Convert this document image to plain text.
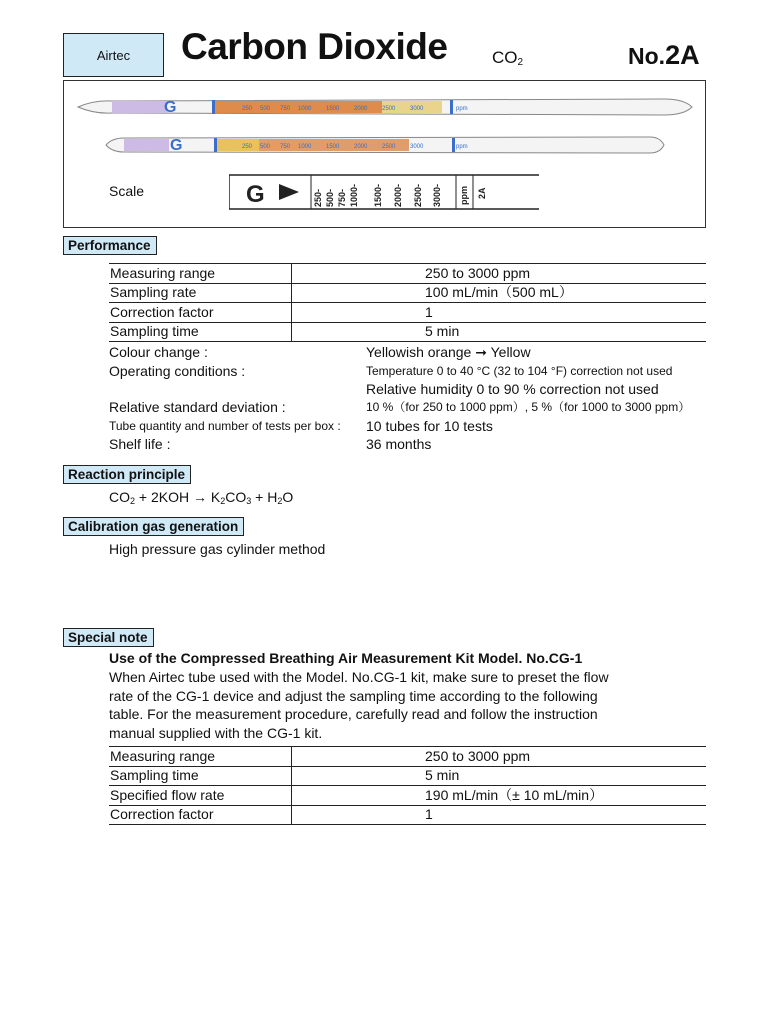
Airtec Carbon Dioxide	$CO_2$	No.2A
G	250 500 750 1000 1500 2000 2500 3000	ppm
G	250 500 750 1000 1500 2000 2500 3000	ppm
Scale	G	250- 500- 750- 1000- 1500- 2000- 2500- 3000- ppm 2A
Performance
Measuring range	250 to 3000 ppm
Sampling rate	100 mL/min（500 mL）
Correction factor	1
Sampling time	5 min
Colour change :	Yellowish orange ➞ Yellow
Operating conditions :	Temperature 0 to 40 °C (32 to 104 °F) correction not used
Relative humidity 0 to 90 % correction not used
Relative standard deviation :	10 %（for 250 to 1000 ppm）, 5 %（for 1000 to 3000 ppm）
Tube quantity and number of tests per box : 10 tubes for 10 tests
Shelf life :	36 months
Reaction principle
$CO_2 + 2KOH \to K_2CO_3 + H_2O$
Calibration gas generation
High pressure gas cylinder method
Special note
Use of the Compressed Breathing Air Measurement Kit Model. No.CG-1
When Airtec tube used with the Model. No.CG-1 kit, make sure to preset the flow
rate of the CG-1 device and adjust the sampling time according to the following
table. For the measurement procedure, carefully read and follow the instruction
manual supplied with the CG-1 kit.
Measuring range	250 to 3000 ppm
Sampling time	5 min
Specified flow rate	190 mL/min（± 10 mL/min）
Correction factor	1
